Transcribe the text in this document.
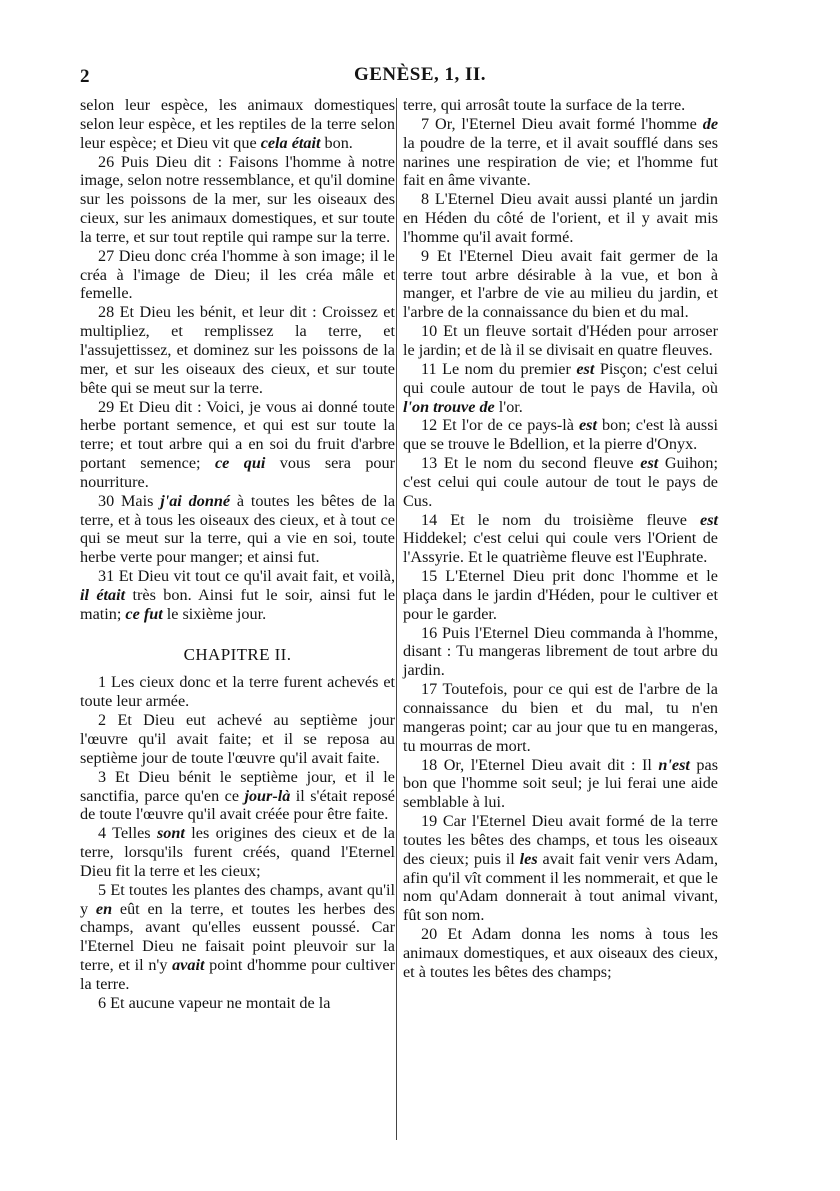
2	GENÈSE, 1, II.

selon leur espèce, les animaux domestiques selon leur espèce, et les reptiles de la terre selon leur espèce; et Dieu vit que cela était bon.

26 Puis Dieu dit : Faisons l'homme à notre image, selon notre ressemblance, et qu'il domine sur les poissons de la mer, sur les oiseaux des cieux, sur les animaux domestiques, et sur toute la terre, et sur tout reptile qui rampe sur la terre.

27 Dieu donc créa l'homme à son image; il le créa à l'image de Dieu; il les créa mâle et femelle.

28 Et Dieu les bénit, et leur dit : Croissez et multipliez, et remplissez la terre, et l'assujettissez, et dominez sur les poissons de la mer, et sur les oiseaux des cieux, et sur toute bête qui se meut sur la terre.

29 Et Dieu dit : Voici, je vous ai donné toute herbe portant semence, et qui est sur toute la terre; et tout arbre qui a en soi du fruit d'arbre portant semence; ce qui vous sera pour nourriture.

30 Mais j'ai donné à toutes les bêtes de la terre, et à tous les oiseaux des cieux, et à tout ce qui se meut sur la terre, qui a vie en soi, toute herbe verte pour manger; et ainsi fut.

31 Et Dieu vit tout ce qu'il avait fait, et voilà, il était très bon. Ainsi fut le soir, ainsi fut le matin; ce fut le sixième jour.

CHAPITRE II.

1 Les cieux donc et la terre furent achevés et toute leur armée.

2 Et Dieu eut achevé au septième jour l'œuvre qu'il avait faite; et il se reposa au septième jour de toute l'œuvre qu'il avait faite.

3 Et Dieu bénit le septième jour, et il le sanctifia, parce qu'en ce jour-là il s'était reposé de toute l'œuvre qu'il avait créée pour être faite.

4 Telles sont les origines des cieux et de la terre, lorsqu'ils furent créés, quand l'Eternel Dieu fit la terre et les cieux;

5 Et toutes les plantes des champs, avant qu'il y en eût en la terre, et toutes les herbes des champs, avant qu'elles eussent poussé. Car l'Eternel Dieu ne faisait point pleuvoir sur la terre, et il n'y avait point d'homme pour cultiver la terre.

6 Et aucune vapeur ne montait de la

terre, qui arrosât toute la surface de la terre.

7 Or, l'Eternel Dieu avait formé l'homme de la poudre de la terre, et il avait soufflé dans ses narines une respiration de vie; et l'homme fut fait en âme vivante.

8 L'Eternel Dieu avait aussi planté un jardin en Héden du côté de l'orient, et il y avait mis l'homme qu'il avait formé.

9 Et l'Eternel Dieu avait fait germer de la terre tout arbre désirable à la vue, et bon à manger, et l'arbre de vie au milieu du jardin, et l'arbre de la connaissance du bien et du mal.

10 Et un fleuve sortait d'Héden pour arroser le jardin; et de là il se divisait en quatre fleuves.

11 Le nom du premier est Pisçon; c'est celui qui coule autour de tout le pays de Havila, où l'on trouve de l'or.

12 Et l'or de ce pays-là est bon; c'est là aussi que se trouve le Bdellion, et la pierre d'Onyx.

13 Et le nom du second fleuve est Guihon; c'est celui qui coule autour de tout le pays de Cus.

14 Et le nom du troisième fleuve est Hiddekel; c'est celui qui coule vers l'Orient de l'Assyrie. Et le quatrième fleuve est l'Euphrate.

15 L'Eternel Dieu prit donc l'homme et le plaça dans le jardin d'Héden, pour le cultiver et pour le garder.

16 Puis l'Eternel Dieu commanda à l'homme, disant : Tu mangeras librement de tout arbre du jardin.

17 Toutefois, pour ce qui est de l'arbre de la connaissance du bien et du mal, tu n'en mangeras point; car au jour que tu en mangeras, tu mourras de mort.

18 Or, l'Eternel Dieu avait dit : Il n'est pas bon que l'homme soit seul; je lui ferai une aide semblable à lui.

19 Car l'Eternel Dieu avait formé de la terre toutes les bêtes des champs, et tous les oiseaux des cieux; puis il les avait fait venir vers Adam, afin qu'il vît comment il les nommerait, et que le nom qu'Adam donnerait à tout animal vivant, fût son nom.

20 Et Adam donna les noms à tous les animaux domestiques, et aux oiseaux des cieux, et à toutes les bêtes des champs;
